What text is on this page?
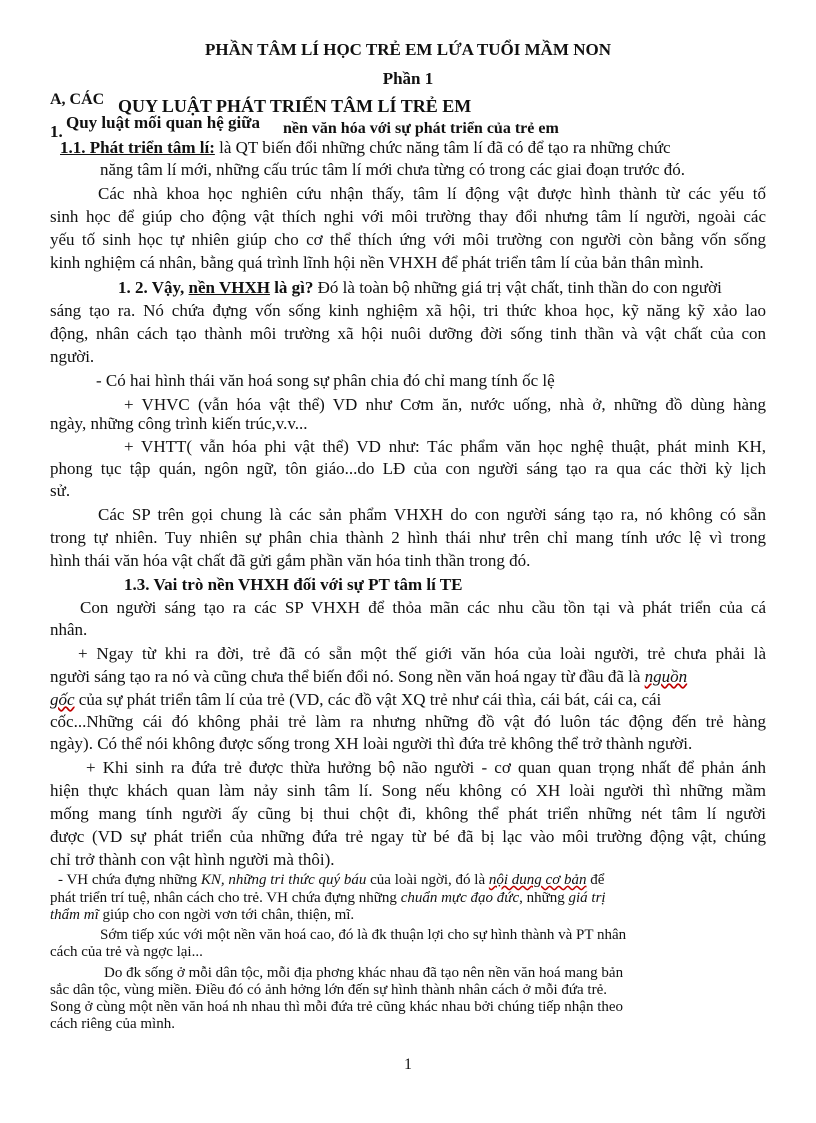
PHẦN TÂM LÍ HỌC TRẺ EM LỨA TUỔI MẦM NON
Phần 1
A, CÁC QUY LUẬT PHÁT TRIỂN TÂM LÍ TRẺ EM
1. Quy luật mối quan hệ giữa nền văn hóa với sự phát triển của trẻ em
1.1. Phát triển tâm lí: là QT biến đổi những chức năng tâm lí đã có để tạo ra những chức
năng tâm lí mới, những cấu trúc tâm lí mới chưa từng có trong các giai đoạn trước đó.
Các nhà khoa học nghiên cứu nhận thấy, tâm lí động vật được hình thành từ các yếu tố
sinh học để giúp cho động vật thích nghi với môi trường thay đổi nhưng tâm lí người, ngoài các
yếu tố sinh học tự nhiên giúp cho cơ thể thích ứng với môi trường con người còn bằng vốn sống
kinh nghiệm cá nhân, bằng quá trình lĩnh hội nền VHXH để phát triển tâm lí của bản thân mình.
1. 2. Vậy, nền VHXH là gì? Đó là toàn bộ những giá trị vật chất, tinh thần do con người
sáng tạo ra. Nó chứa đựng vốn sống kinh nghiệm xã hội, tri thức khoa học, kỹ năng kỹ xảo lao
động, nhân cách tạo thành môi trường xã hội nuôi dưỡng đời sống tinh thần và vật chất của con
người.
- Có hai hình thái văn hoá song sự phân chia đó chỉ mang tính ốc lệ
+ VHVC (vẫn hóa vật thể) VD như Cơm ăn, nước uống, nhà ở, những đồ dùng hàng
ngày, những công trình kiến trúc,v.v...
+ VHTT( vẫn hóa phi vật thể) VD như: Tác phẩm văn học nghệ thuật, phát minh KH,
phong tục tập quán, ngôn ngữ, tôn giáo...do LĐ của con người sáng tạo ra qua các thời kỳ lịch
sử.
Các SP trên gọi chung là các sản phẩm VHXH do con người sáng tạo ra, nó không có sẵn
trong tự nhiên. Tuy nhiên sự phân chia thành 2 hình thái như trên chỉ mang tính ước lệ vì trong
hình thái văn hóa vật chất đã gửi gắm phần văn hóa tinh thần trong đó.
1.3. Vai trò nền VHXH đối với sự PT tâm lí TE
Con người sáng tạo ra các SP VHXH để thỏa mãn các nhu cầu tồn tại và phát triển của cá
nhân.
+ Ngay từ khi ra đời, trẻ đã có sẵn một thế giới văn hóa của loài người, trẻ chưa phải là
người sáng tạo ra nó và cũng chưa thể biến đổi nó. Song nền văn hoá ngay từ đầu đã là nguồn
gốc của sự phát triển tâm lí của trẻ (VD, các đồ vật XQ trẻ như cái thìa, cái bát, cái ca, cái
cốc...Những cái đó không phải trẻ làm ra nhưng những đồ vật đó luôn tác động đến trẻ hàng
ngày). Có thể nói không được sống trong XH loài người thì đứa trẻ không thể trở thành người.
+ Khi sinh ra đứa trẻ được thừa hưởng bộ não người - cơ quan quan trọng nhất để phản ánh
hiện thực khách quan làm nảy sinh tâm lí. Song nếu không có XH loài người thì những mầm
mống mang tính người ấy cũng bị thui chột đi, không thể phát triển những nét tâm lí người
được (VD sự phát triển của những đứa trẻ ngay từ bé đã bị lạc vào môi trường động vật, chúng
chỉ trở thành con vật hình người mà thôi).
- VH chứa đựng những KN, những tri thức quý báu của loài ngời, đó là nội dung cơ bản để
phát triển trí tuệ, nhân cách cho trẻ. VH chứa đựng những chuẩn mực đạo đức, những giá trị
thẩm mĩ giúp cho con ngời vơn tới chân, thiện, mĩ.
Sớm tiếp xúc với một nền văn hoá cao, đó là đk thuận lợi cho sự hình thành và PT nhân
cách của trẻ và ngợc lại...
Do đk sống ở mỗi dân tộc, mỗi địa phơng khác nhau đã tạo nên nền văn hoá mang bản
sắc dân tộc, vùng miền. Điều đó có ảnh hởng lớn đến sự hình thành nhân cách ở mỗi đứa trẻ.
Song ở cùng một nền văn hoá nh nhau thì mỗi đứa trẻ cũng khác nhau bởi chúng tiếp nhận theo
cách riêng của mình.
1
